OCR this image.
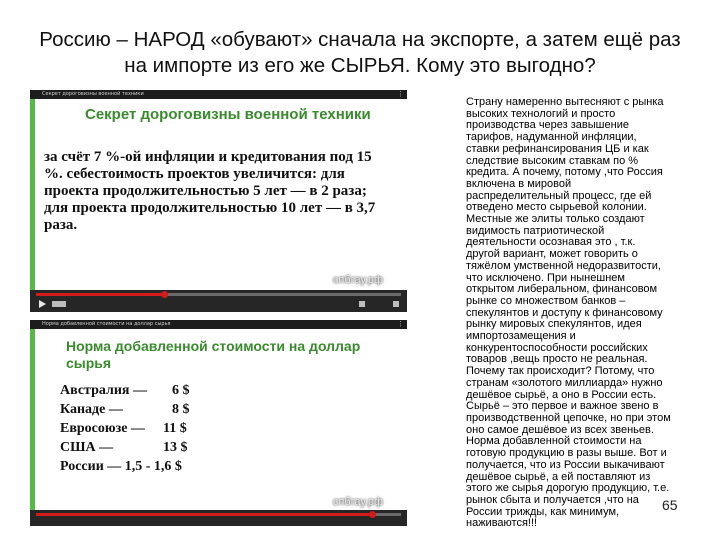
Россию – НАРОД «обувают» сначала на экспорте, а затем ещё раз
на импорте из его же СЫРЬЯ. Кому это выгодно?
Секрет дороговизны военной техники	⋮
Секрет дороговизны военной техники
за счёт 7 %-ой инфляции и кредитования под 15
%. себестоимость проектов увеличится: для
проекта продолжительностью 5 лет — в 2 раза;
для проекта продолжительностью 10 лет — в 3,7
раза.
спбгау.рф
Норма добавленной стоимости на доллар сырья	⋮
Норма добавленной стоимости на доллар
сырья
Австралия — 6 $
Канаде —	8 $
Евросоюзе — 11 $
США —	13 $
России — 1,5 - 1,6 $
спбгау.рф
Страну намеренно вытесняют с рынка
высоких технологий и просто
производства через завышение
тарифов, надуманной инфляции,
ставки рефинансирования ЦБ и как
следствие высоким ставкам по %
кредита. А почему, потому ,что Россия
включена в мировой
распределительный процесс, где ей
отведено место сырьевой колонии.
Местные же элиты только создают
видимость патриотической
деятельности осознавая это , т.к.
другой вариант, может говорить о
тяжёлом умственной недоразвитости,
что исключено. При нынешнем
открытом либеральном, финансовом
рынке со множеством банков –
спекулянтов и доступу к финансовому
рынку мировых спекулянтов, идея
импортозамещения и
конкурентоспособности российских
товаров ,вещь просто не реальная.
Почему так происходит? Потому, что
странам «золотого миллиарда» нужно
дешёвое сырьё, а оно в России есть.
Сырьё – это первое и важное звено в
производственной цепочке, но при этом
оно самое дешёвое из всех звеньев.
Норма добавленной стоимости на
готовую продукцию в разы выше. Вот и
получается, что из России выкачивают
дешёвое сырьё, а ей поставляют из
этого же сырья дорогую продукцию, т.е.
рынок сбыта и получается ,что на
России трижды, как минимум,
наживаются!!!
65
